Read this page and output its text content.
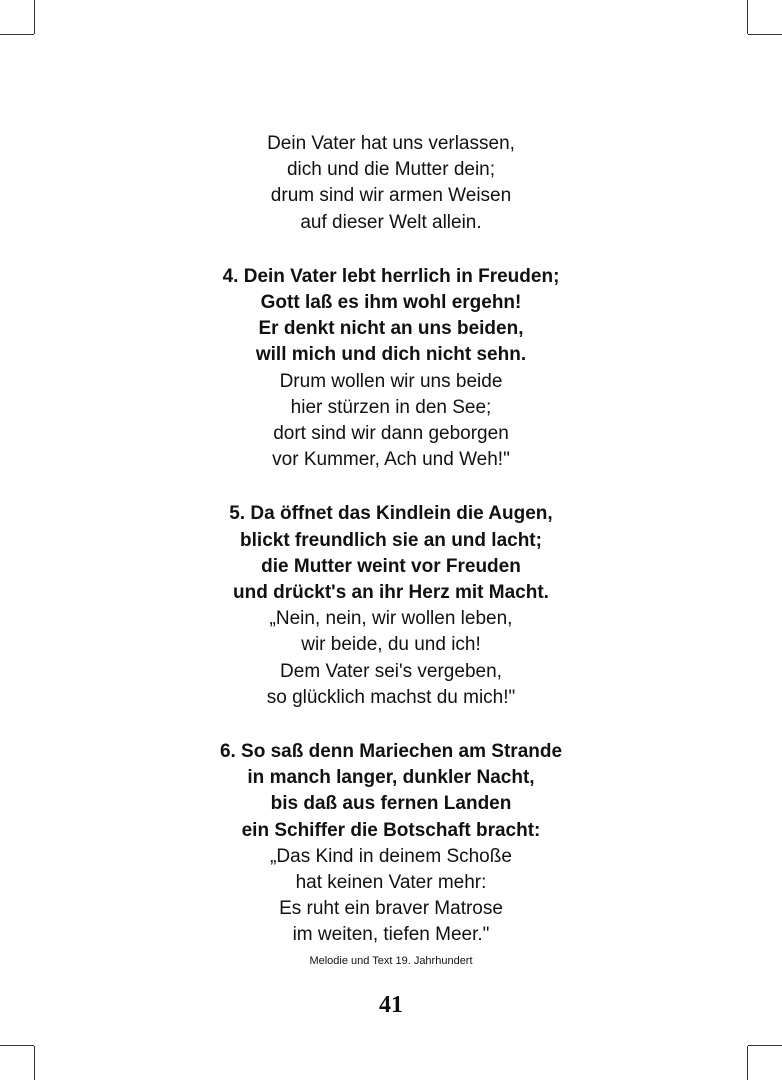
Dein Vater hat uns verlassen,
dich und die Mutter dein;
drum sind wir armen Weisen
auf dieser Welt allein.
4. Dein Vater lebt herrlich in Freuden;
Gott laß es ihm wohl ergehn!
Er denkt nicht an uns beiden,
will mich und dich nicht sehn.
Drum wollen wir uns beide
hier stürzen in den See;
dort sind wir dann geborgen
vor Kummer, Ach und Weh!"
5. Da öffnet das Kindlein die Augen,
blickt freundlich sie an und lacht;
die Mutter weint vor Freuden
und drückt's an ihr Herz mit Macht.
„Nein, nein, wir wollen leben,
wir beide, du und ich!
Dem Vater sei's vergeben,
so glücklich machst du mich!"
6. So saß denn Mariechen am Strande
in manch langer, dunkler Nacht,
bis daß aus fernen Landen
ein Schiffer die Botschaft bracht:
„Das Kind in deinem Schoße
hat keinen Vater mehr:
Es ruht ein braver Matrose
im weiten, tiefen Meer."
Melodie und Text 19. Jahrhundert
41
